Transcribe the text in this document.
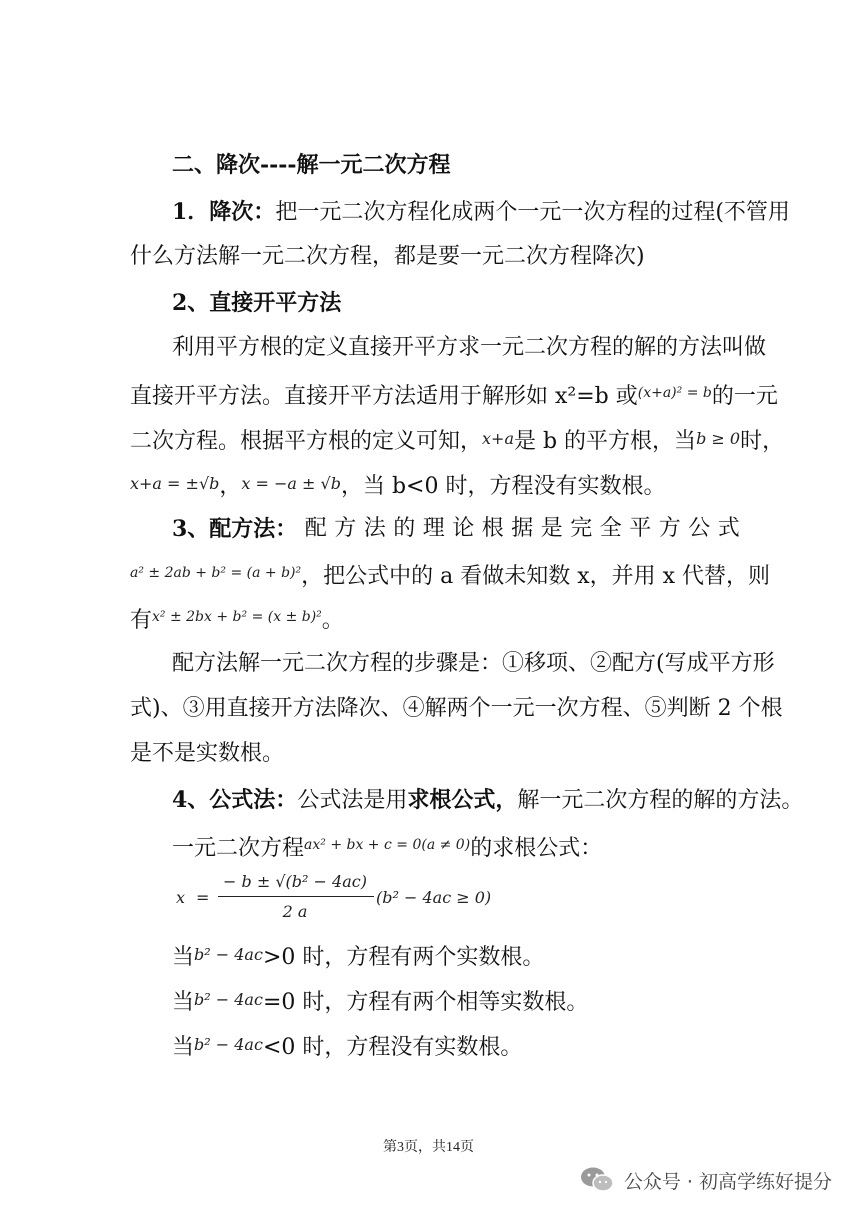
二、降次----解一元二次方程
1．降次：把一元二次方程化成两个一元一次方程的过程(不管用
什么方法解一元二次方程，都是要一元二次方程降次)
2、直接开平方法
利用平方根的定义直接开平方求一元二次方程的解的方法叫做
直接开平方法。直接开平方法适用于解形如 x²=b 或$^{(x+a)^2 = b}$的一元
二次方程。根据平方根的定义可知，x+a是 b 的平方根，当b ≥ 0时，
x+a = ±√b，x = −a ± √b，当 b<0 时，方程没有实数根。
3、配方法： 配 方 法 的 理 论 根 据 是 完 全 平 方 公 式
$^{a^2 \pm 2ab + b^2 = (a + b)^2}$，把公式中的 a 看做未知数 x，并用 x 代替，则
有$^{x^2 \pm 2bx + b^2 = (x \pm b)^2}$。
配方法解一元二次方程的步骤是：①移项、②配方(写成平方形
式)、③用直接开方法降次、④解两个一元一次方程、⑤判断 2 个根
是不是实数根。
4、公式法：公式法是用求根公式，解一元二次方程的解的方法。
一元二次方程$^{ax^2 + bx + c = 0(a \ne 0)}$的求根公式：
x =
− b ± √(b² − 4ac)
2 a
(b² − 4ac ≥ 0)
当b² − 4ac>0 时，方程有两个实数根。
当b² − 4ac=0 时，方程有两个相等实数根。
当b² − 4ac<0 时，方程没有实数根。
第3页，共14页
公众号 · 初高学练好提分
